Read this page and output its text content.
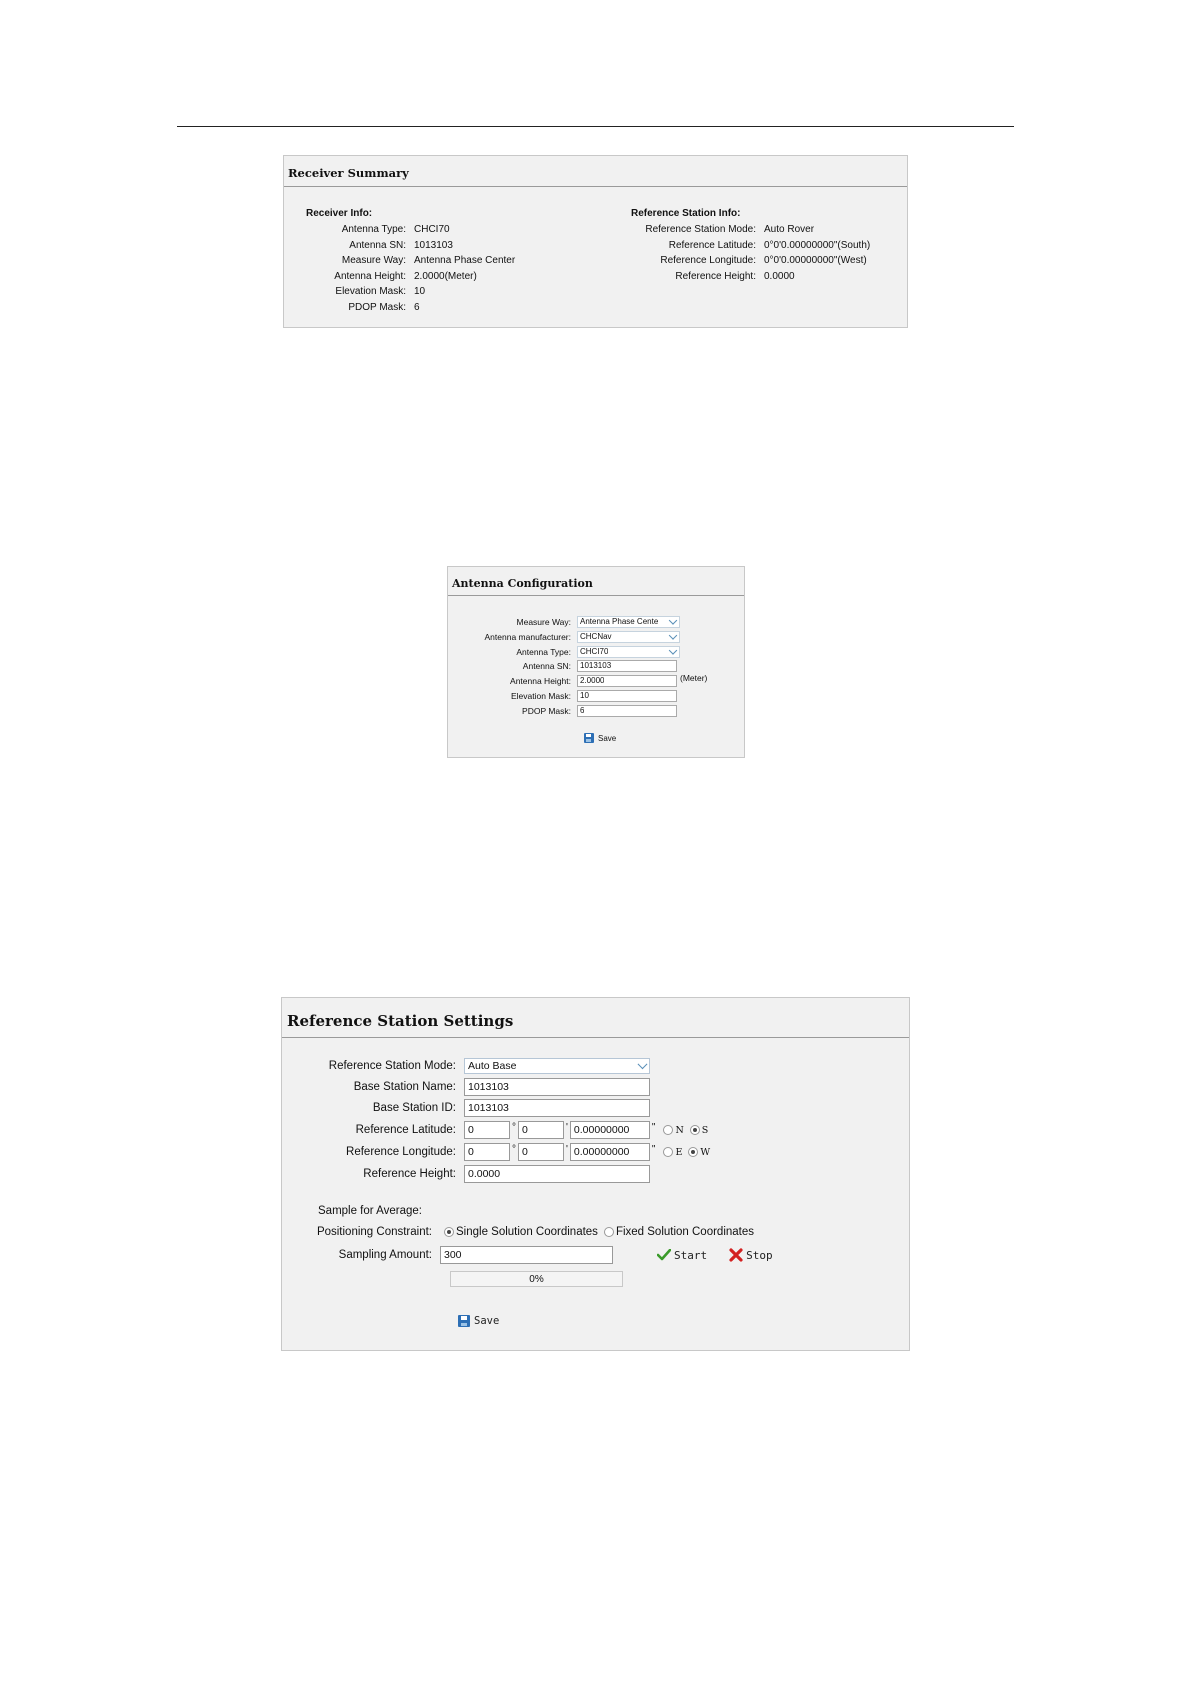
Receiver Summary
Receiver Info:
Antenna Type: CHCI70
Antenna SN: 1013103
Measure Way: Antenna Phase Center
Antenna Height: 2.0000(Meter)
Elevation Mask: 10
PDOP Mask: 6
Reference Station Info:
Reference Station Mode: Auto Rover
Reference Latitude: 0°0'0.00000000"(South)
Reference Longitude: 0°0'0.00000000"(West)
Reference Height: 0.0000
Antenna Configuration
Measure Way:	Antenna Phase Cente
Antenna manufacturer:	CHCNav
Antenna Type:	CHCI70
Antenna SN:	1013103
Antenna Height:	2.0000
Elevation Mask:	10
PDOP Mask:	6
(Meter)
Save
Reference Station Settings
Reference Station Mode:	Auto Base
Base Station Name:	1013103
Base Station ID:	1013103
Reference Latitude:	0	° 0	' 0.00000000 " N S
Reference Longitude:	0	° 0	' 0.00000000 " E W
Reference Height:	0.0000
Sample for Average:
Positioning Constraint:	Single Solution Coordinates Fixed Solution Coordinates
Sampling Amount:	300	Start	Stop
0%
Save
